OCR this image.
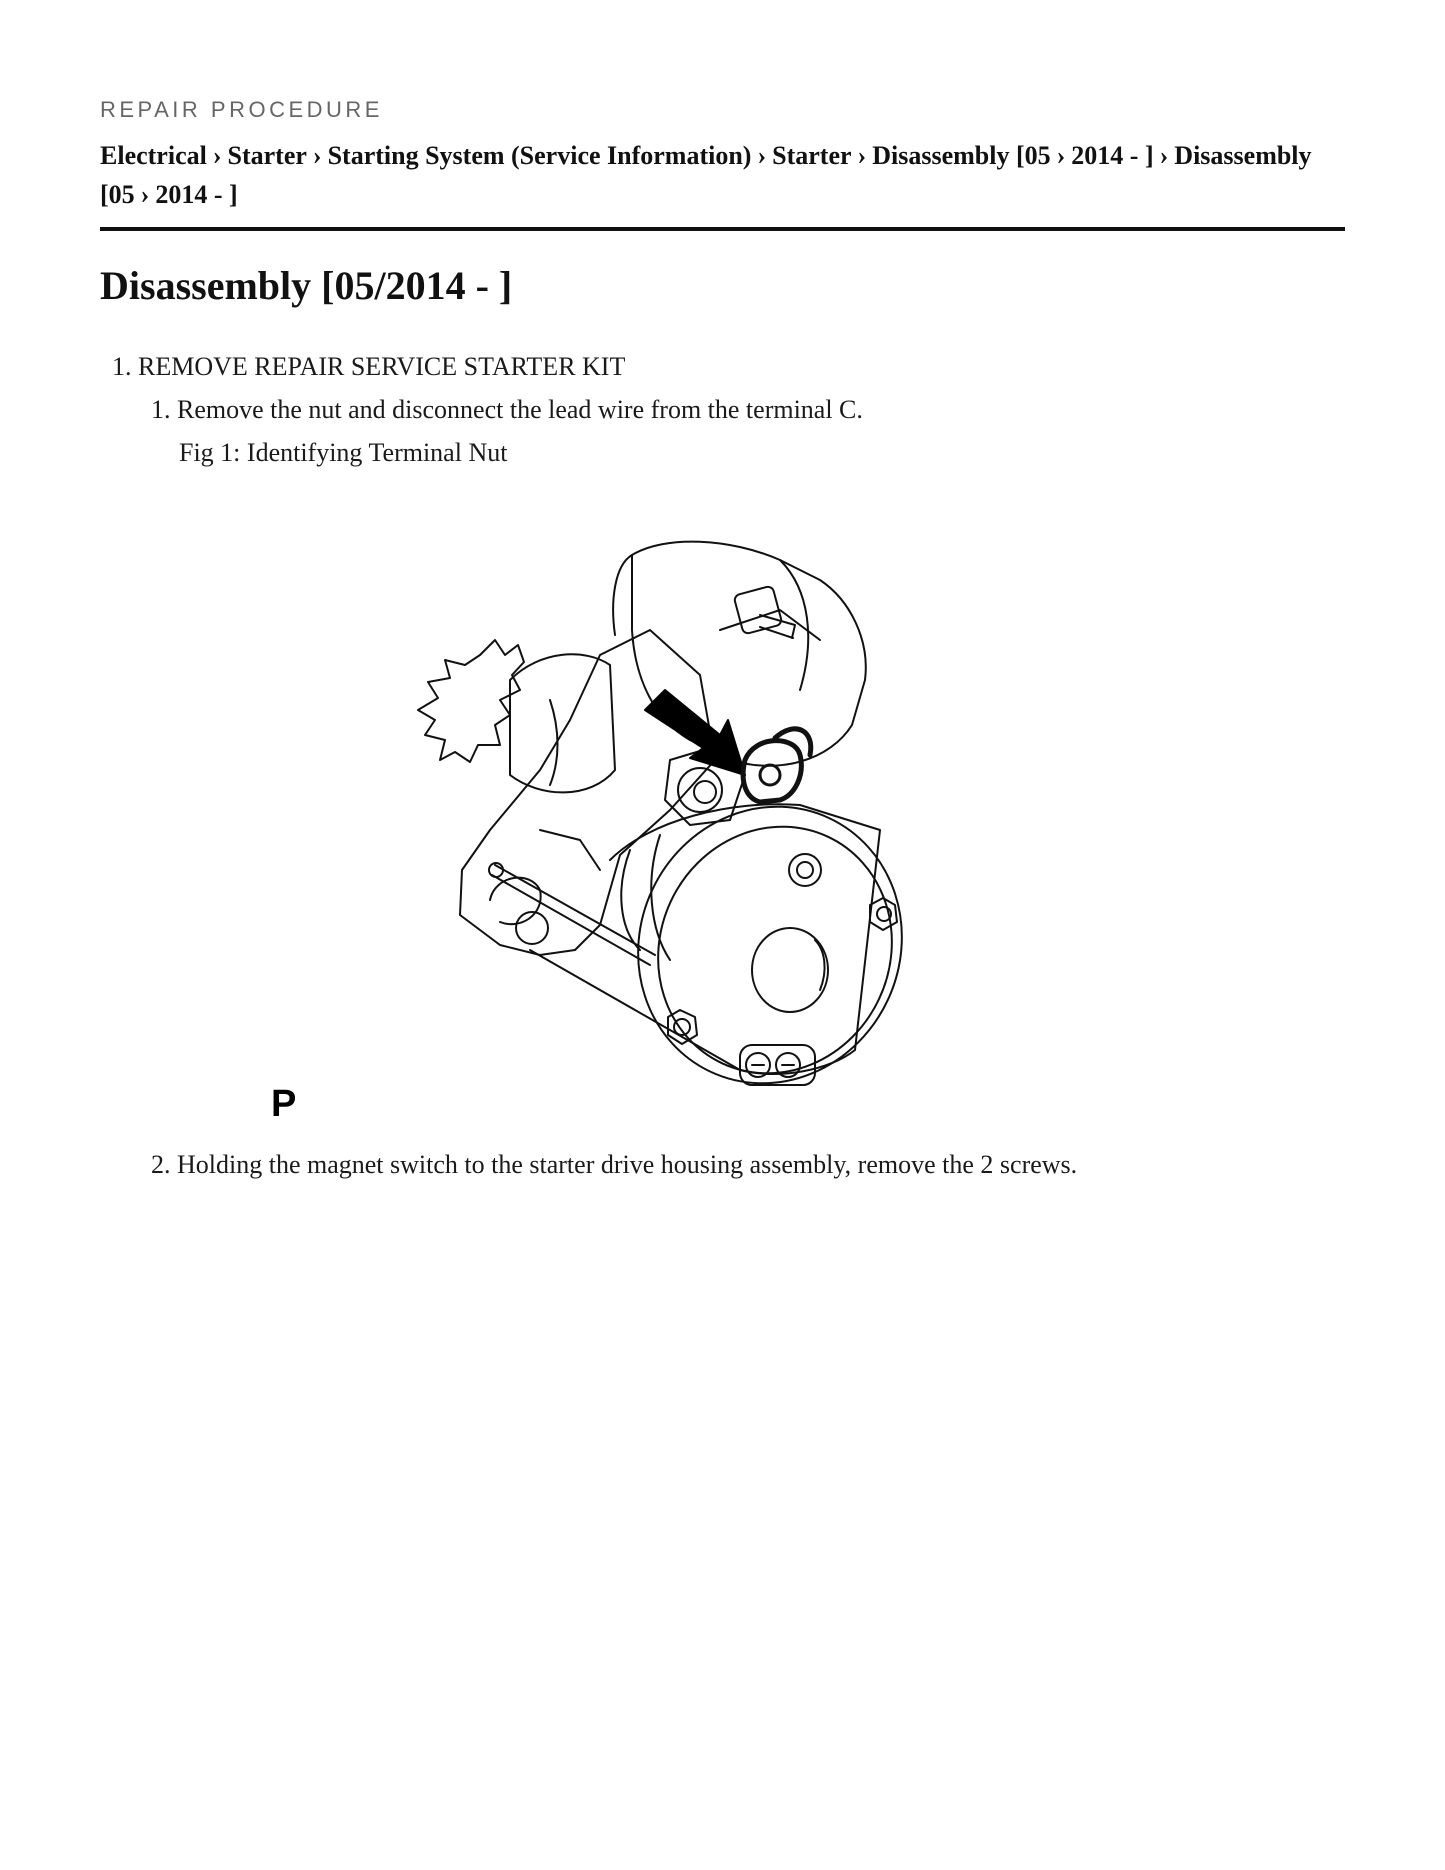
REPAIR PROCEDURE
Electrical › Starter › Starting System (Service Information) › Starter › Disassembly [05 › 2014 - ] › Disassembly [05 › 2014 - ]
Disassembly [05/2014 - ]
1. REMOVE REPAIR SERVICE STARTER KIT
1. Remove the nut and disconnect the lead wire from the terminal C.
Fig 1: Identifying Terminal Nut
P
2. Holding the magnet switch to the starter drive housing assembly, remove the 2 screws.
